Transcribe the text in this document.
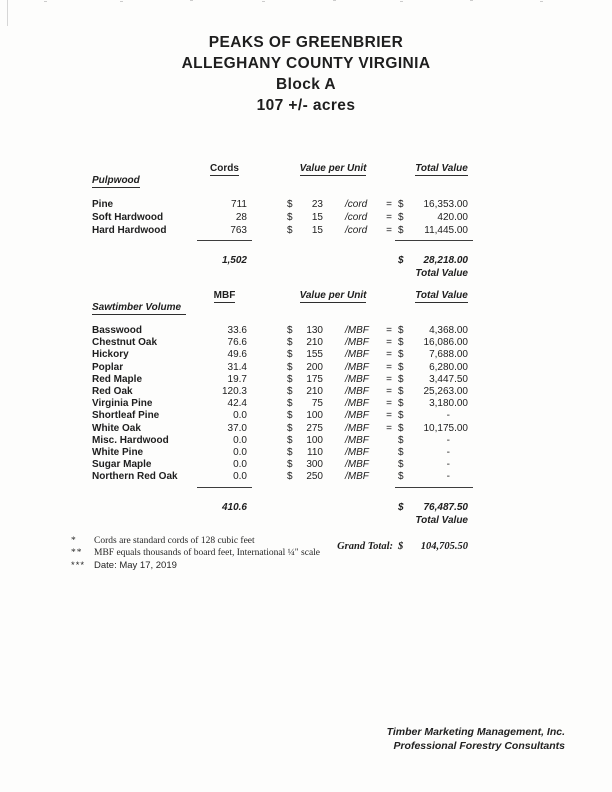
PEAKS OF GREENBRIER
ALLEGHANY COUNTY VIRGINIA
Block A
107 +/- acres
Cords	Value per Unit	Total Value
Pulpwood
Pine	711	$	23	/cord	= $	16,353.00
Soft Hardwood	28	$	15	/cord	= $	420.00
Hard Hardwood	763	$	15	/cord	= $	11,445.00
1,502	$	28,218.00
Total Value
MBF	Value per Unit	Total Value
Sawtimber Volume
Basswood	33.6	$	130	/MBF	= $	4,368.00
Chestnut Oak	76.6	$	210	/MBF	= $	16,086.00
Hickory	49.6	$	155	/MBF	= $	7,688.00
Poplar	31.4	$	200	/MBF	= $	6,280.00
Red Maple	19.7	$	175	/MBF	= $	3,447.50
Red Oak	120.3	$	210	/MBF	= $	25,263.00
Virginia Pine	42.4	$	75	/MBF	= $	3,180.00
Shortleaf Pine	0.0	$	100	/MBF	= $	-
White Oak	37.0	$	275	/MBF	= $	10,175.00
Misc. Hardwood	0.0	$	100	/MBF	$	-
White Pine	0.0	$	110	/MBF	$	-
Sugar Maple	0.0	$	300	/MBF	$	-
Northern Red Oak	0.0	$	250	/MBF	$	-
410.6	$	76,487.50
Total Value
Grand Total: $	104,705.50
*	Cords are standard cords of 128 cubic feet
**	MBF equals thousands of board feet, International ¼" scale
*** Date: May 17, 2019
Timber Marketing Management, Inc.
Professional Forestry Consultants
